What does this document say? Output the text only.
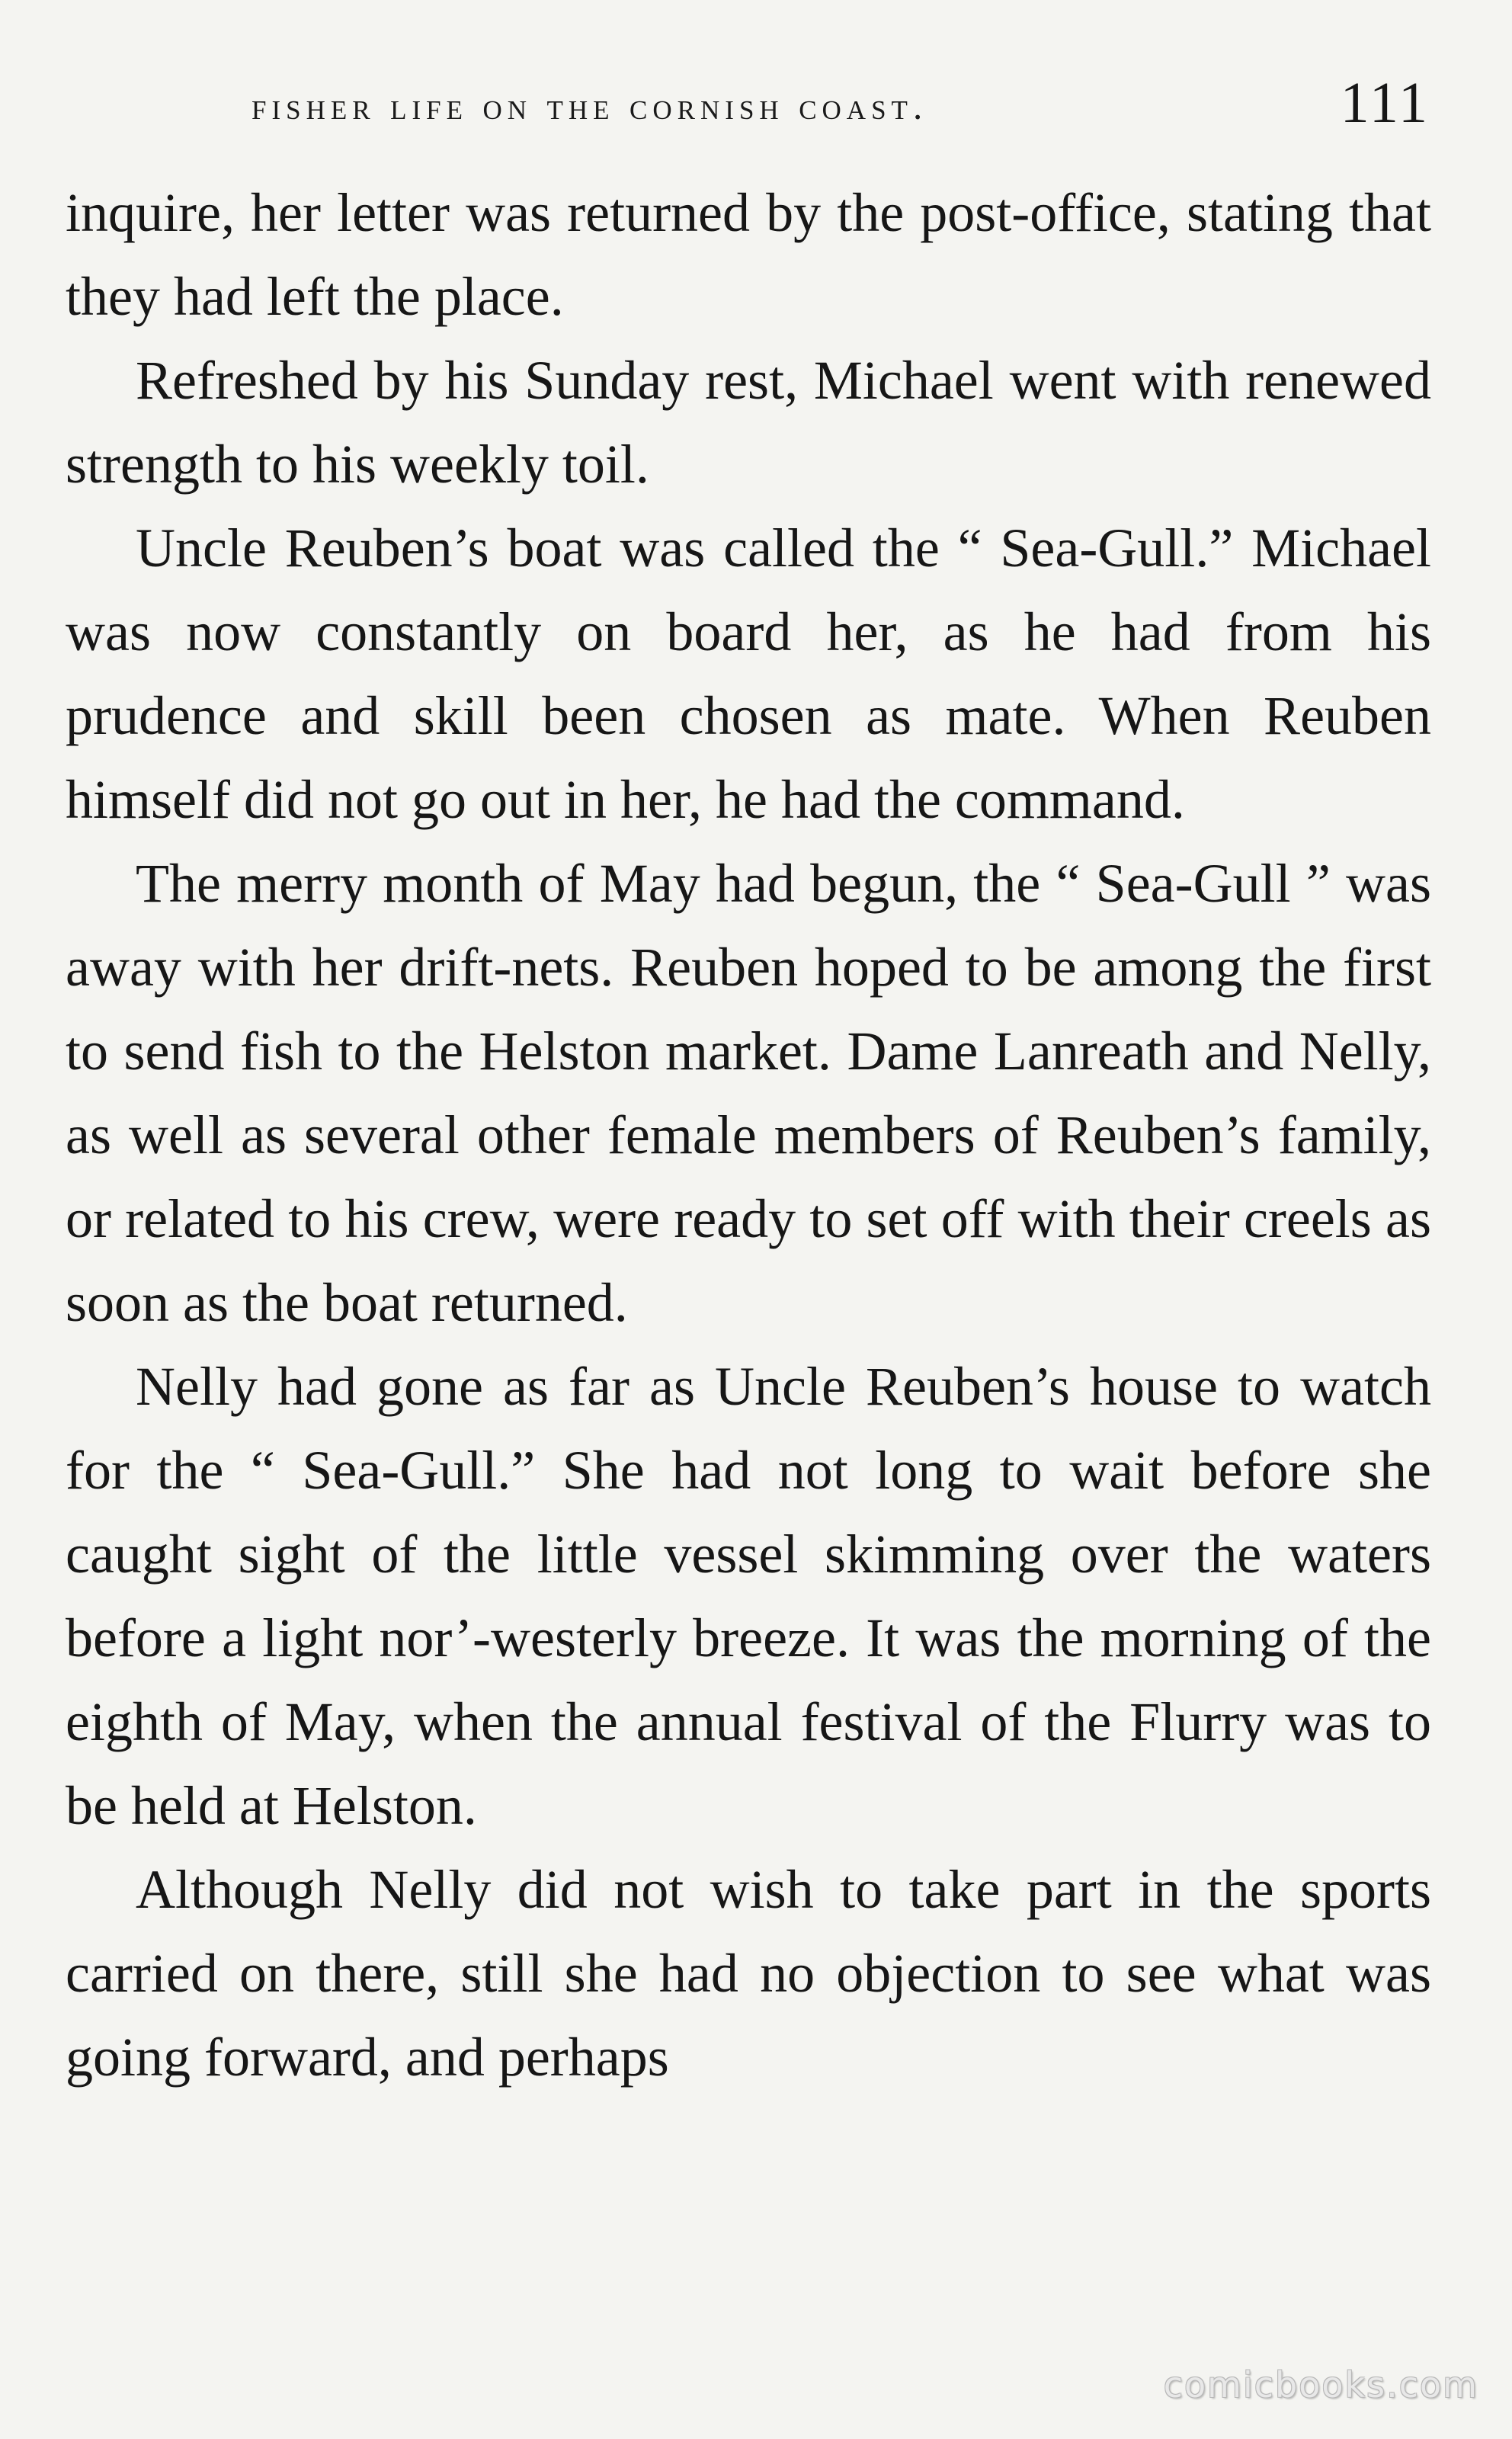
fisher life on the cornish coast.	111

inquire, her letter was returned by the post-office, stating that they had left the place.

Refreshed by his Sunday rest, Michael went with renewed strength to his weekly toil.

Uncle Reuben’s boat was called the “ Sea-Gull.” Michael was now constantly on board her, as he had from his prudence and skill been chosen as mate. When Reuben himself did not go out in her, he had the command.

The merry month of May had begun, the “ Sea-Gull ” was away with her drift-nets. Reuben hoped to be among the first to send fish to the Helston market. Dame Lanreath and Nelly, as well as several other female members of Reuben’s family, or related to his crew, were ready to set off with their creels as soon as the boat returned.

Nelly had gone as far as Uncle Reuben’s house to watch for the “ Sea-Gull.” She had not long to wait before she caught sight of the little vessel skimming over the waters before a light nor’-westerly breeze. It was the morning of the eighth of May, when the annual festival of the Flurry was to be held at Helston.

Although Nelly did not wish to take part in the sports carried on there, still she had no objection to see what was going forward, and perhaps

comicbooks.com
